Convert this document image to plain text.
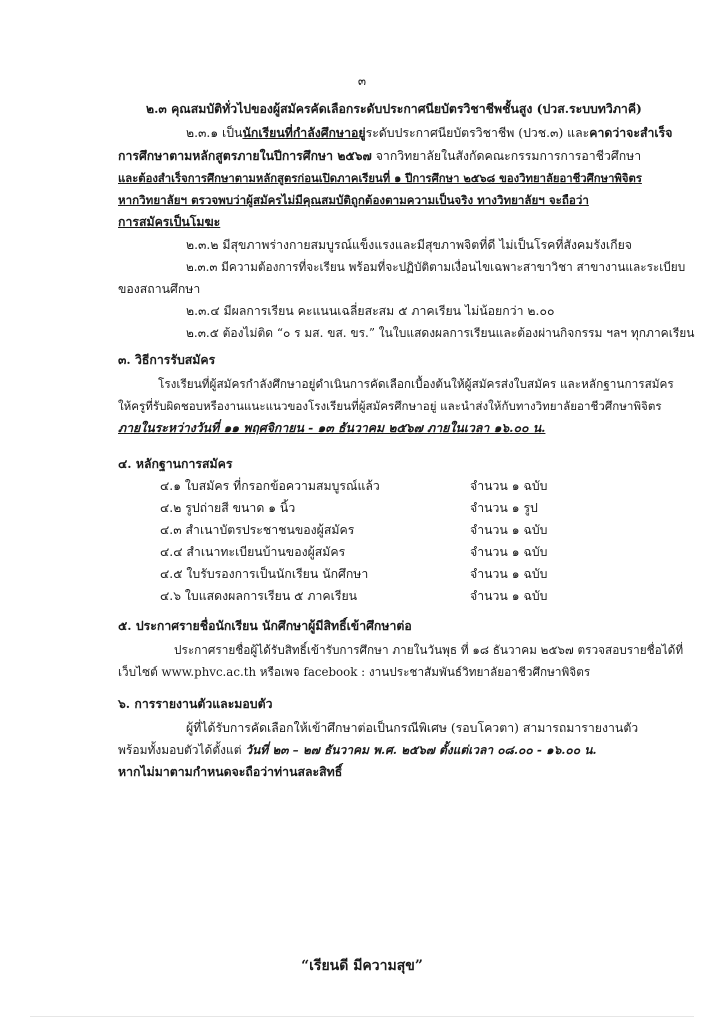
๓
๒.๓ คุณสมบัติทั่วไปของผู้สมัครคัดเลือกระดับประกาศนียบัตรวิชาชีพชั้นสูง (ปวส.ระบบทวิภาคี)
๒.๓.๑ เป็นนักเรียนที่กำลังศึกษาอยู่ระดับประกาศนียบัตรวิชาชีพ (ปวช.๓) และคาดว่าจะสำเร็จ
การศึกษาตามหลักสูตรภายในปีการศึกษา ๒๕๖๗ จากวิทยาลัยในสังกัดคณะกรรมการการอาชีวศึกษา
และต้องสำเร็จการศึกษาตามหลักสูตรก่อนเปิดภาคเรียนที่ ๑ ปีการศึกษา ๒๕๖๘ ของวิทยาลัยอาชีวศึกษาพิจิตร
หากวิทยาลัยฯ ตรวจพบว่าผู้สมัครไม่มีคุณสมบัติถูกต้องตามความเป็นจริง ทางวิทยาลัยฯ จะถือว่า
การสมัครเป็นโมฆะ
๒.๓.๒ มีสุขภาพร่างกายสมบูรณ์แข็งแรงและมีสุขภาพจิตที่ดี ไม่เป็นโรคที่สังคมรังเกียจ
๒.๓.๓ มีความต้องการที่จะเรียน พร้อมที่จะปฏิบัติตามเงื่อนไขเฉพาะสาขาวิชา สาขางานและระเบียบ
ของสถานศึกษา
๒.๓.๔ มีผลการเรียน คะแนนเฉลี่ยสะสม ๕ ภาคเรียน ไม่น้อยกว่า ๒.๐๐
๒.๓.๕ ต้องไม่ติด “๐ ร มส. ขส. ขร.” ในใบแสดงผลการเรียนและต้องผ่านกิจกรรม ฯลฯ ทุกภาคเรียน
๓. วิธีการรับสมัคร
โรงเรียนที่ผู้สมัครกำลังศึกษาอยู่ดำเนินการคัดเลือกเบื้องต้นให้ผู้สมัครส่งใบสมัคร และหลักฐานการสมัคร
ให้ครูที่รับผิดชอบหรืองานแนะแนวของโรงเรียนที่ผู้สมัครศึกษาอยู่ และนำส่งให้กับทางวิทยาลัยอาชีวศึกษาพิจิตร
ภายในระหว่างวันที่ ๑๑ พฤศจิกายน - ๑๓ ธันวาคม ๒๕๖๗ ภายในเวลา ๑๖.๐๐ น.
๔. หลักฐานการสมัคร
๔.๑ ใบสมัคร ที่กรอกข้อความสมบูรณ์แล้ว	จำนวน ๑ ฉบับ
๔.๒ รูปถ่ายสี ขนาด ๑ นิ้ว	จำนวน ๑ รูป
๔.๓ สำเนาบัตรประชาชนของผู้สมัคร	จำนวน ๑ ฉบับ
๔.๔ สำเนาทะเบียนบ้านของผู้สมัคร	จำนวน ๑ ฉบับ
๔.๕ ใบรับรองการเป็นนักเรียน นักศึกษา	จำนวน ๑ ฉบับ
๔.๖ ใบแสดงผลการเรียน ๕ ภาคเรียน	จำนวน ๑ ฉบับ
๕. ประกาศรายชื่อนักเรียน นักศึกษาผู้มีสิทธิ์เข้าศึกษาต่อ
ประกาศรายชื่อผู้ได้รับสิทธิ์เข้ารับการศึกษา ภายในวันพุธ ที่ ๑๘ ธันวาคม ๒๕๖๗ ตรวจสอบรายชื่อได้ที่
เว็บไซต์ www.phvc.ac.th หรือเพจ facebook : งานประชาสัมพันธ์วิทยาลัยอาชีวศึกษาพิจิตร
๖. การรายงานตัวและมอบตัว
ผู้ที่ได้รับการคัดเลือกให้เข้าศึกษาต่อเป็นกรณีพิเศษ (รอบโควตา) สามารถมารายงานตัว
พร้อมทั้งมอบตัวได้ตั้งแต่ วันที่ ๒๓ – ๒๗ ธันวาคม พ.ศ. ๒๕๖๗ ตั้งแต่เวลา ๐๘.๐๐ - ๑๖.๐๐ น.
หากไม่มาตามกำหนดจะถือว่าท่านสละสิทธิ์
“เรียนดี มีความสุข”
